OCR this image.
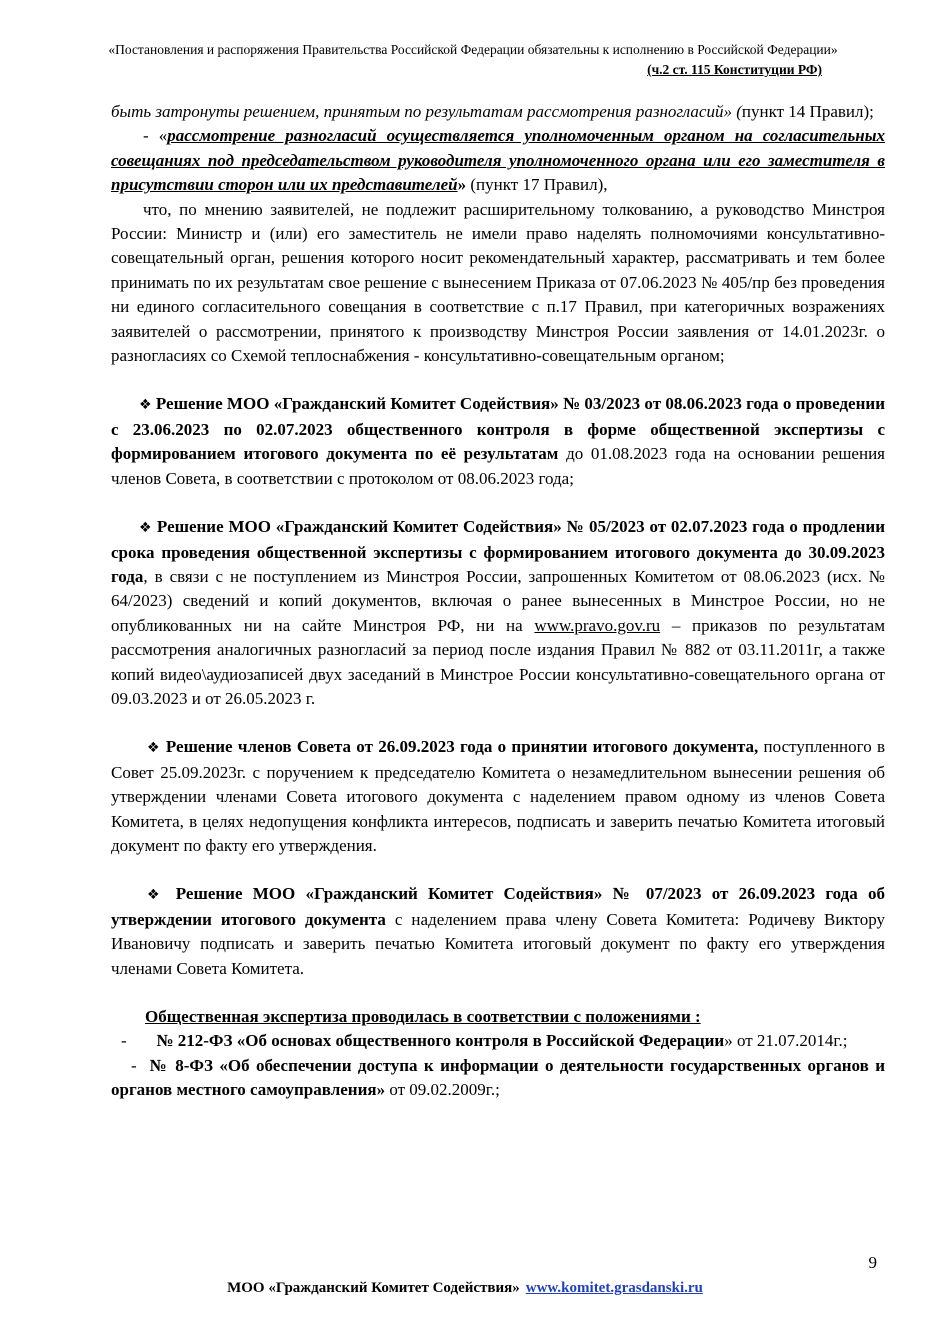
«Постановления и распоряжения Правительства Российской Федерации обязательны к исполнению в Российской Федерации»
(ч.2 ст. 115 Конституции РФ)

быть затронуты решением, принятым по результатам рассмотрения разногласий» (пункт 14 Правил);

- «рассмотрение разногласий осуществляется уполномоченным органом на согласительных совещаниях под председательством руководителя уполномоченного органа или его заместителя в присутствии сторон или их представителей» (пункт 17 Правил),

что, по мнению заявителей, не подлежит расширительному толкованию, а руководство Минстроя России: Министр и (или) его заместитель не имели право наделять полномочиями консультативно-совещательный орган, решения которого носит рекомендательный характер, рассматривать и тем более принимать по их результатам свое решение с вынесением Приказа от 07.06.2023 № 405/пр без проведения ни единого согласительного совещания в соответствие с п.17 Правил, при категоричных возражениях заявителей о рассмотрении, принятого к производству Минстроя России заявления от 14.01.2023г. о разногласиях со Схемой теплоснабжения - консультативно-совещательным органом;

❖ Решение МОО «Гражданский Комитет Содействия» № 03/2023 от 08.06.2023 года о проведении с 23.06.2023 по 02.07.2023 общественного контроля в форме общественной экспертизы с формированием итогового документа по её результатам до 01.08.2023 года на основании решения членов Совета, в соответствии с протоколом от 08.06.2023 года;

❖ Решение МОО «Гражданский Комитет Содействия» № 05/2023 от 02.07.2023 года о продлении срока проведения общественной экспертизы с формированием итогового документа до 30.09.2023 года, в связи с не поступлением из Минстроя России, запрошенных Комитетом от 08.06.2023 (исх. № 64/2023) сведений и копий документов, включая о ранее вынесенных в Минстрое России, но не опубликованных ни на сайте Минстроя РФ, ни на www.pravo.gov.ru – приказов по результатам рассмотрения аналогичных разногласий за период после издания Правил № 882 от 03.11.2011г, а также копий видео\аудиозаписей двух заседаний в Минстрое России консультативно-совещательного органа от 09.03.2023 и от 26.05.2023 г.

❖ Решение членов Совета от 26.09.2023 года о принятии итогового документа, поступленного в Совет 25.09.2023г. с поручением к председателю Комитета о незамедлительном вынесении решения об утверждении членами Совета итогового документа с наделением правом одному из членов Совета Комитета, в целях недопущения конфликта интересов, подписать и заверить печатью Комитета итоговый документ по факту его утверждения.

❖ Решение МОО «Гражданский Комитет Содействия» № 07/2023 от 26.09.2023 года об утверждении итогового документа с наделением права члену Совета Комитета: Родичеву Виктору Ивановичу подписать и заверить печатью Комитета итоговый документ по факту его утверждения членами Совета Комитета.

Общественная экспертиза проводилась в соответствии с положениями :

- № 212-ФЗ «Об основах общественного контроля в Российской Федерации» от 21.07.2014г.;

- № 8-ФЗ «Об обеспечении доступа к информации о деятельности государственных органов и органов местного самоуправления» от 09.02.2009г.;

9
МОО «Гражданский Комитет Содействия» www.komitet.grasdanski.ru
